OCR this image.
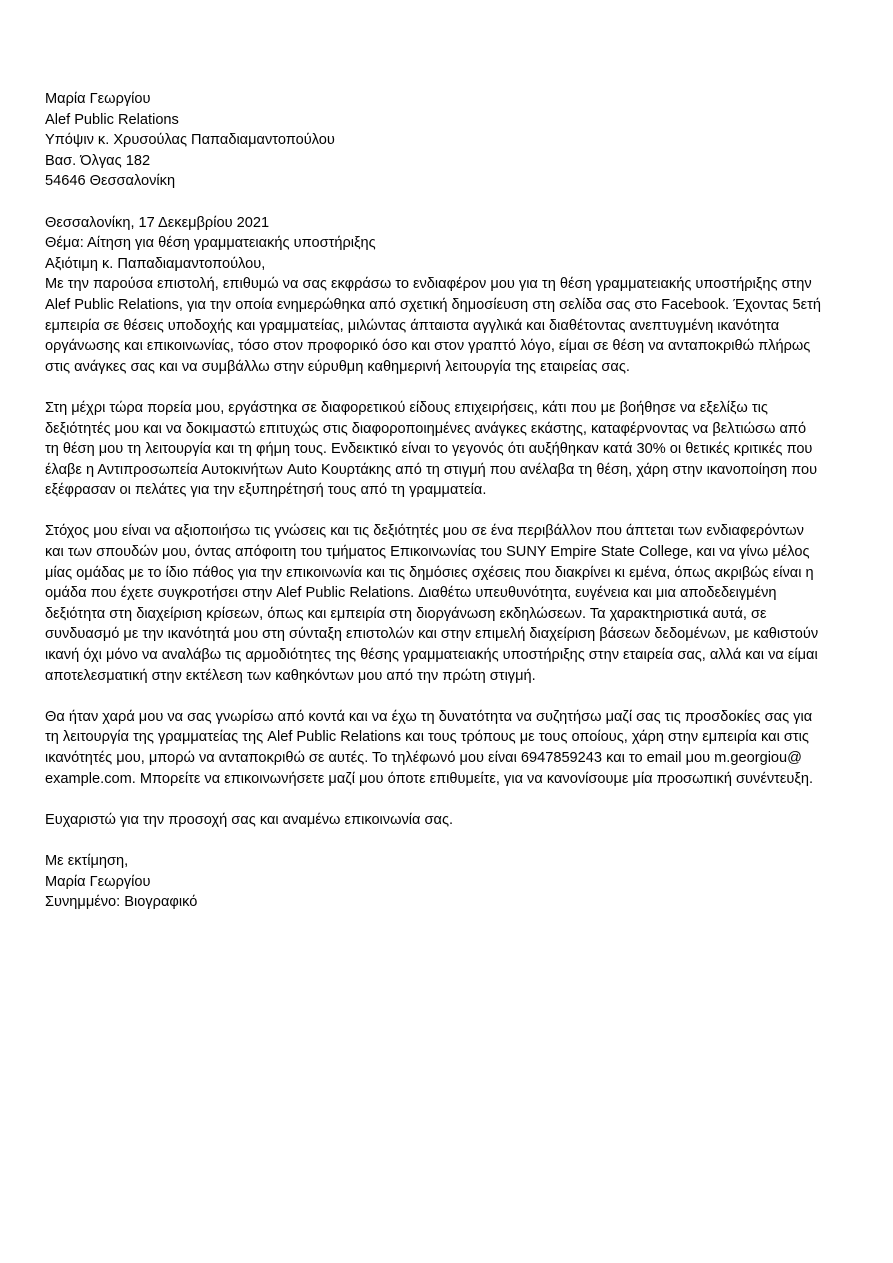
Μαρία Γεωργίου

Alef Public Relations
Υπόψιν κ. Χρυσούλας Παπαδιαμαντοπούλου
Βασ. Όλγας 182
54646 Θεσσαλονίκη

Θεσσαλονίκη, 17 Δεκεμβρίου 2021

Θέμα: Αίτηση για θέση γραμματειακής υποστήριξης

Αξιότιμη κ. Παπαδιαμαντοπούλου,

Με την παρούσα επιστολή, επιθυμώ να σας εκφράσω το ενδιαφέρον μου για τη θέση γραμματειακής υποστήριξης στην
Alef Public Relations, για την οποία ενημερώθηκα από σχετική δημοσίευση στη σελίδα σας στο Facebook. Έχοντας 5ετή
εμπειρία σε θέσεις υποδοχής και γραμματείας, μιλώντας άπταιστα αγγλικά και διαθέτοντας ανεπτυγμένη ικανότητα
οργάνωσης και επικοινωνίας, τόσο στον προφορικό όσο και στον γραπτό λόγο, είμαι σε θέση να ανταποκριθώ πλήρως
στις ανάγκες σας και να συμβάλλω στην εύρυθμη καθημερινή λειτουργία της εταιρείας σας.
Στη μέχρι τώρα πορεία μου, εργάστηκα σε διαφορετικού είδους επιχειρήσεις, κάτι που με βοήθησε να εξελίξω τις
δεξιότητές μου και να δοκιμαστώ επιτυχώς στις διαφοροποιημένες ανάγκες εκάστης, καταφέρνοντας να βελτιώσω από
τη θέση μου τη λειτουργία και τη φήμη τους. Ενδεικτικό είναι το γεγονός ότι αυξήθηκαν κατά 30% οι θετικές κριτικές που
έλαβε η Αντιπροσωπεία Αυτοκινήτων Auto Κουρτάκης από τη στιγμή που ανέλαβα τη θέση, χάρη στην ικανοποίηση που
εξέφρασαν οι πελάτες για την εξυπηρέτησή τους από τη γραμματεία.
Στόχος μου είναι να αξιοποιήσω τις γνώσεις και τις δεξιότητές μου σε ένα περιβάλλον που άπτεται των ενδιαφερόντων
και των σπουδών μου, όντας απόφοιτη του τμήματος Επικοινωνίας του SUNY Empire State College, και να γίνω μέλος
μίας ομάδας με το ίδιο πάθος για την επικοινωνία και τις δημόσιες σχέσεις που διακρίνει κι εμένα, όπως ακριβώς είναι η
ομάδα που έχετε συγκροτήσει στην Alef Public Relations. Διαθέτω υπευθυνότητα, ευγένεια και μια αποδεδειγμένη
δεξιότητα στη διαχείριση κρίσεων, όπως και εμπειρία στη διοργάνωση εκδηλώσεων. Τα χαρακτηριστικά αυτά, σε
συνδυασμό με την ικανότητά μου στη σύνταξη επιστολών και στην επιμελή διαχείριση βάσεων δεδομένων, με καθιστούν
ικανή όχι μόνο να αναλάβω τις αρμοδιότητες της θέσης γραμματειακής υποστήριξης στην εταιρεία σας, αλλά και να είμαι
αποτελεσματική στην εκτέλεση των καθηκόντων μου από την πρώτη στιγμή.
Θα ήταν χαρά μου να σας γνωρίσω από κοντά και να έχω τη δυνατότητα να συζητήσω μαζί σας τις προσδοκίες σας για
τη λειτουργία της γραμματείας της Alef Public Relations και τους τρόπους με τους οποίους, χάρη στην εμπειρία και στις
ικανότητές μου, μπορώ να ανταποκριθώ σε αυτές. Το τηλέφωνό μου είναι 6947859243 και το email μου m.georgiou@
example.com. Μπορείτε να επικοινωνήσετε μαζί μου όποτε επιθυμείτε, για να κανονίσουμε μία προσωπική συνέντευξη.
Ευχαριστώ για την προσοχή σας και αναμένω επικοινωνία σας.

Με εκτίμηση,

Μαρία Γεωργίου

Συνημμένο: Βιογραφικό
